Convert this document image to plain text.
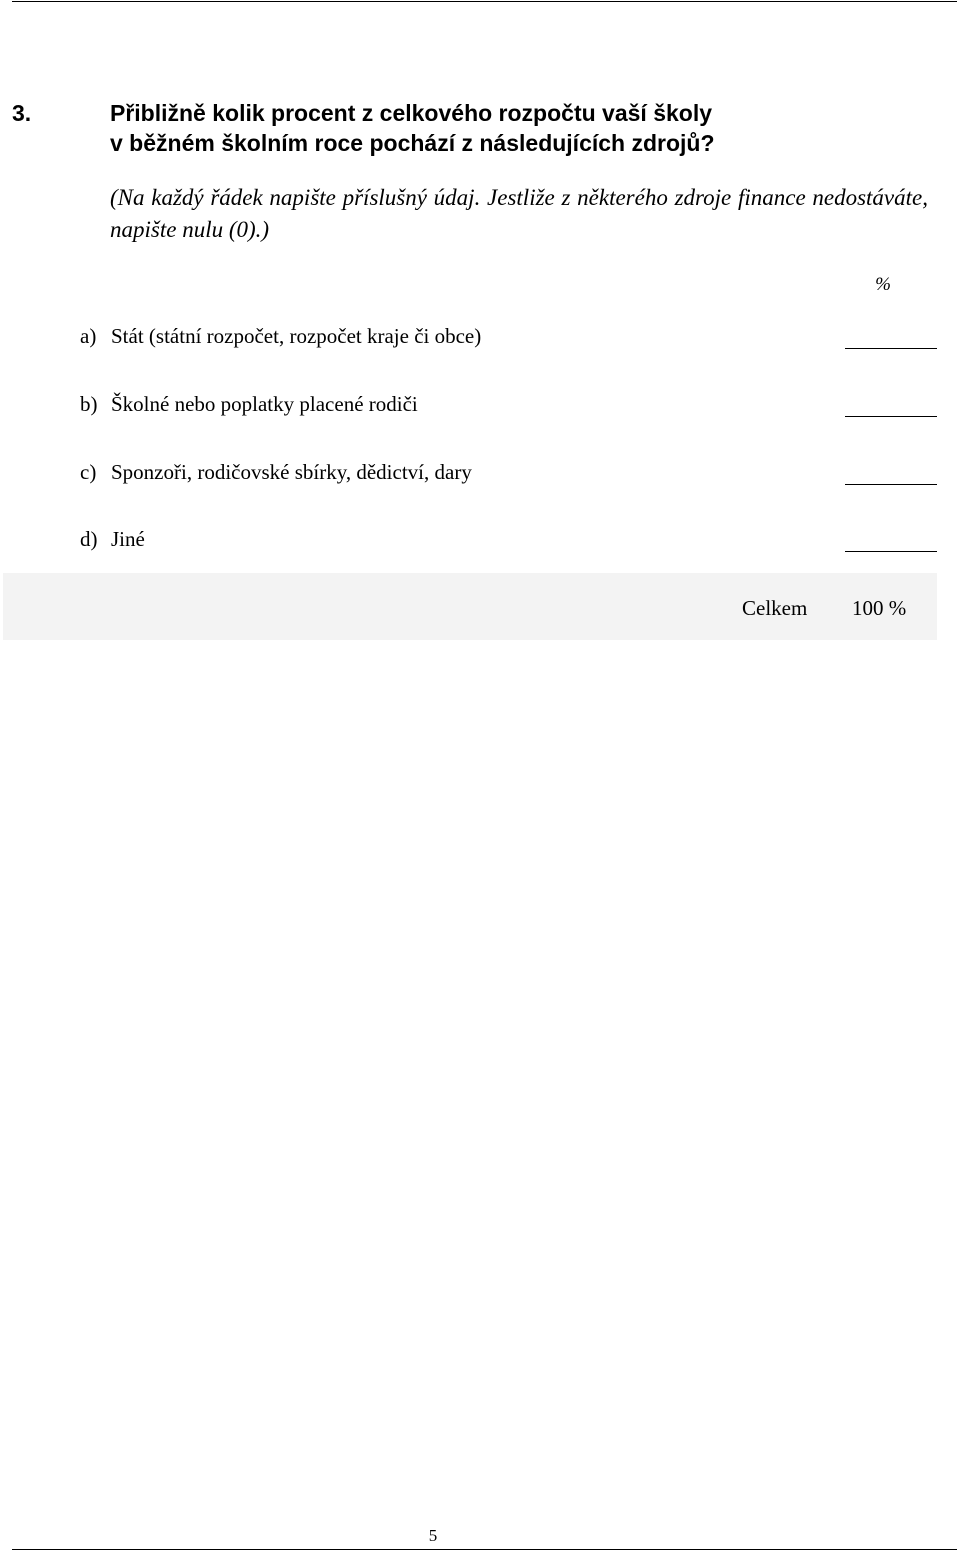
3.	Přibližně kolik procent z celkového rozpočtu vaší školy
v běžném školním roce pochází z následujících zdrojů?
(Na každý řádek napište příslušný údaj. Jestliže z některého zdroje finance nedostáváte, napište nulu (0).)
%
a) Stát (státní rozpočet, rozpočet kraje či obce)
b) Školné nebo poplatky placené rodiči
c) Sponzoři, rodičovské sbírky, dědictví, dary
d) Jiné
Celkem 100 %
5
